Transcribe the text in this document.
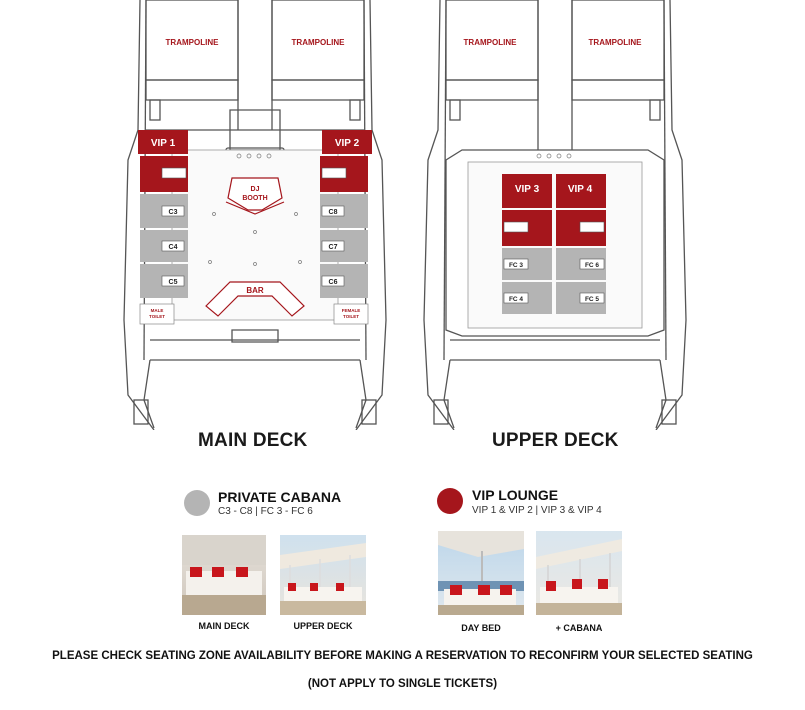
TRAMPOLINE	TRAMPOLINE
VIP 1	VIP 2
C3
C4
C5
C8
C7
C6
MALE
TOILET
FEMALE
TOILET
DJ
BOOTH
BAR
MAIN DECK
TRAMPOLINE	TRAMPOLINE
VIP 3	VIP 4
FC 3
FC 4
FC 6
FC 5
UPPER DECK
PRIVATE CABANA
C3 - C8 | FC 3 - FC 6
VIP LOUNGE
VIP 1 & VIP 2 | VIP 3 & VIP 4
MAIN DECK	UPPER DECK	DAY BED	+ CABANA
PLEASE CHECK SEATING ZONE AVAILABILITY BEFORE MAKING A RESERVATION TO RECONFIRM YOUR SELECTED SEATING
(NOT APPLY TO SINGLE TICKETS)
